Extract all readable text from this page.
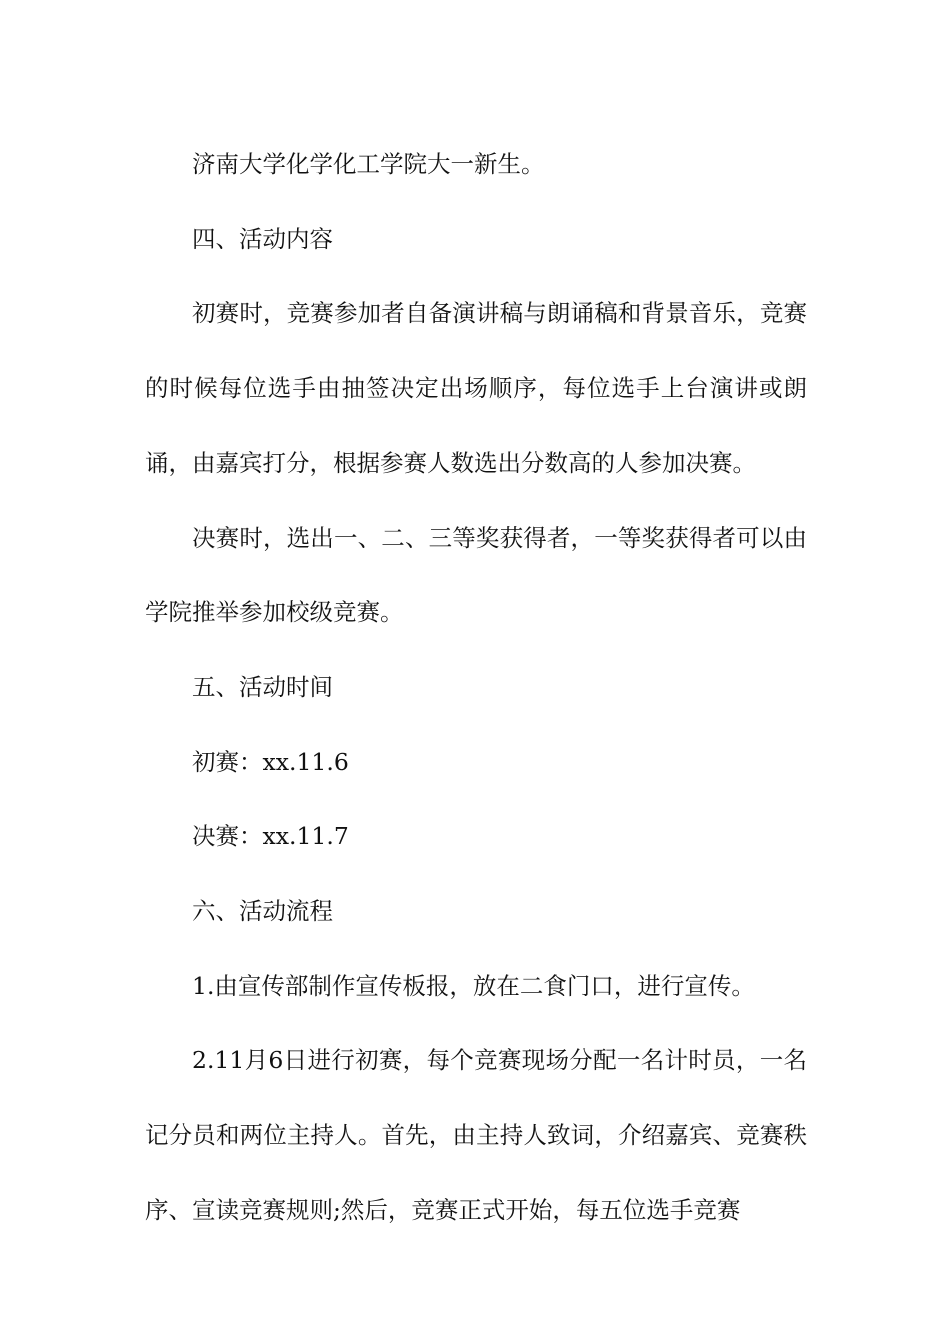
济南大学化学化工学院大一新生。

四、活动内容

初赛时，竞赛参加者自备演讲稿与朗诵稿和背景音乐，竞赛的时候每位选手由抽签决定出场顺序，每位选手上台演讲或朗诵，由嘉宾打分，根据参赛人数选出分数高的人参加决赛。

决赛时，选出一、二、三等奖获得者，一等奖获得者可以由学院推举参加校级竞赛。

五、活动时间

初赛：xx.11.6

决赛：xx.11.7

六、活动流程

1.由宣传部制作宣传板报，放在二食门口，进行宣传。

2.11月6日进行初赛，每个竞赛现场分配一名计时员，一名记分员和两位主持人。首先，由主持人致词，介绍嘉宾、竞赛秩序、宣读竞赛规则;然后，竞赛正式开始，每五位选手竞赛
